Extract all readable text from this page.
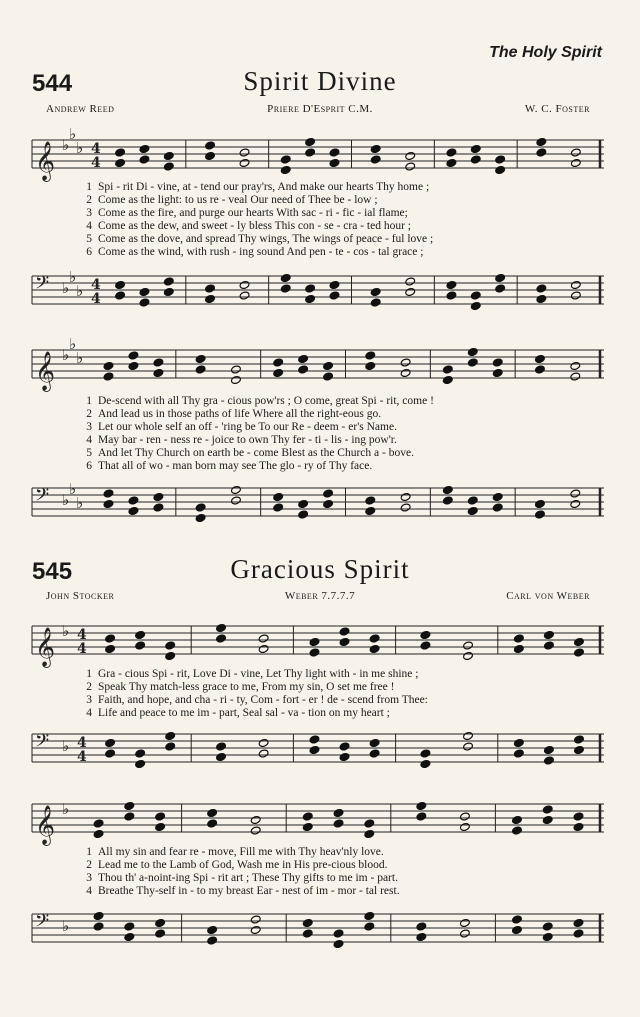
The Holy Spirit
544	Spirit Divine
Andrew Reed	Priere D'Esprit C.M.	W. C. Foster
𝄞 ♭
♭
♭ 4
4
1 Spi - rit Di - vine, at - tend our pray'rs, And make our hearts Thy home ;
2 Come as the light: to us re - veal Our need of Thee be - low ;
3 Come as the fire, and purge our hearts With sac - ri - fic - ial flame;
4 Come as the dew, and sweet - ly bless This con - se - cra - ted hour ;
5 Come as the dove, and spread Thy wings, The wings of peace - ful love ;
6 Come as the wind, with rush - ing sound And pen - te - cos - tal grace ;
𝄢 ♭
♭
♭ 4
4
𝄞 ♭
♭
♭
1 De-scend with all Thy gra - cious pow'rs ; O come, great Spi - rit, come !
2 And lead us in those paths of life Where all the right-eous go.
3 Let our whole self an off - 'ring be To our Re - deem - er's Name.
4 May bar - ren - ness re - joice to own Thy fer - ti - lis - ing pow'r.
5 And let Thy Church on earth be - come Blest as the Church a - bove.
6 That all of wo - man born may see The glo - ry of Thy face.
𝄢 ♭
♭
♭
545	Gracious Spirit
John Stocker	Weber 7.7.7.7	Carl von Weber
𝄞 ♭ 4
4
1 Gra - cious Spi - rit, Love Di - vine, Let Thy light with - in me shine ;
2 Speak Thy match-less grace to me, From my sin, O set me free !
3 Faith, and hope, and cha - ri - ty, Com - fort - er ! de - scend from Thee:
4 Life and peace to me im - part, Seal sal - va - tion on my heart ;
𝄢 ♭ 4
4
𝄞 ♭
1 All my sin and fear re - move, Fill me with Thy heav'nly love.
2 Lead me to the Lamb of God, Wash me in His pre-cious blood.
3 Thou th' a-noint-ing Spi - rit art ; These Thy gifts to me im - part.
4 Breathe Thy-self in - to my breast Ear - nest of im - mor - tal rest.
𝄢 ♭
